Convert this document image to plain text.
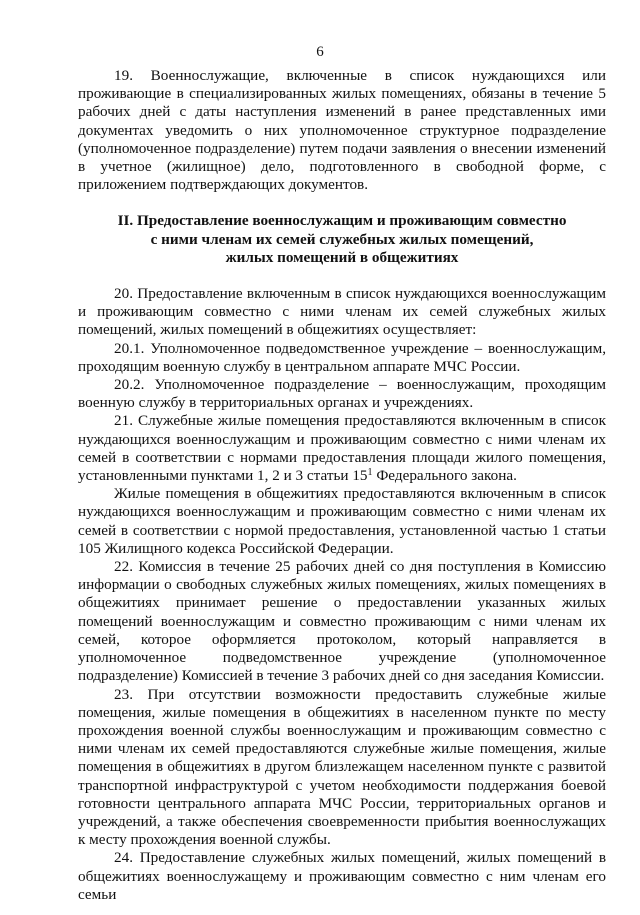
6

19. Военнослужащие, включенные в список нуждающихся или проживающие в специализированных жилых помещениях, обязаны в течение 5 рабочих дней с даты наступления изменений в ранее представленных ими документах уведомить о них уполномоченное структурное подразделение (уполномоченное подразделение) путем подачи заявления о внесении изменений в учетное (жилищное) дело, подготовленного в свободной форме, с приложением подтверждающих документов.

II. Предоставление военнослужащим и проживающим совместно

с ними членам их семей служебных жилых помещений,

жилых помещений в общежитиях

20. Предоставление включенным в список нуждающихся военнослужащим и проживающим совместно с ними членам их семей служебных жилых помещений, жилых помещений в общежитиях осуществляет:

20.1. Уполномоченное подведомственное учреждение – военнослужащим, проходящим военную службу в центральном аппарате МЧС России.

20.2. Уполномоченное подразделение – военнослужащим, проходящим военную службу в территориальных органах и учреждениях.

21. Служебные жилые помещения предоставляются включенным в список нуждающихся военнослужащим и проживающим совместно с ними членам их семей в соответствии с нормами предоставления площади жилого помещения, установленными пунктами 1, 2 и 3 статьи $15^1$ Федерального закона.

Жилые помещения в общежитиях предоставляются включенным в список нуждающихся военнослужащим и проживающим совместно с ними членам их семей в соответствии с нормой предоставления, установленной частью 1 статьи 105 Жилищного кодекса Российской Федерации.

22. Комиссия в течение 25 рабочих дней со дня поступления в Комиссию информации о свободных служебных жилых помещениях, жилых помещениях в общежитиях принимает решение о предоставлении указанных жилых помещений военнослужащим и совместно проживающим с ними членам их семей, которое оформляется протоколом, который направляется в уполномоченное подведомственное учреждение (уполномоченное подразделение) Комиссией в течение 3 рабочих дней со дня заседания Комиссии.

23. При отсутствии возможности предоставить служебные жилые помещения, жилые помещения в общежитиях в населенном пункте по месту прохождения военной службы военнослужащим и проживающим совместно с ними членам их семей предоставляются служебные жилые помещения, жилые помещения в общежитиях в другом близлежащем населенном пункте с развитой транспортной инфраструктурой с учетом необходимости поддержания боевой готовности центрального аппарата МЧС России, территориальных органов и учреждений, а также обеспечения своевременности прибытия военнослужащих к месту прохождения военной службы.

24. Предоставление служебных жилых помещений, жилых помещений в общежитиях военнослужащему и проживающим совместно с ним членам его семьи
